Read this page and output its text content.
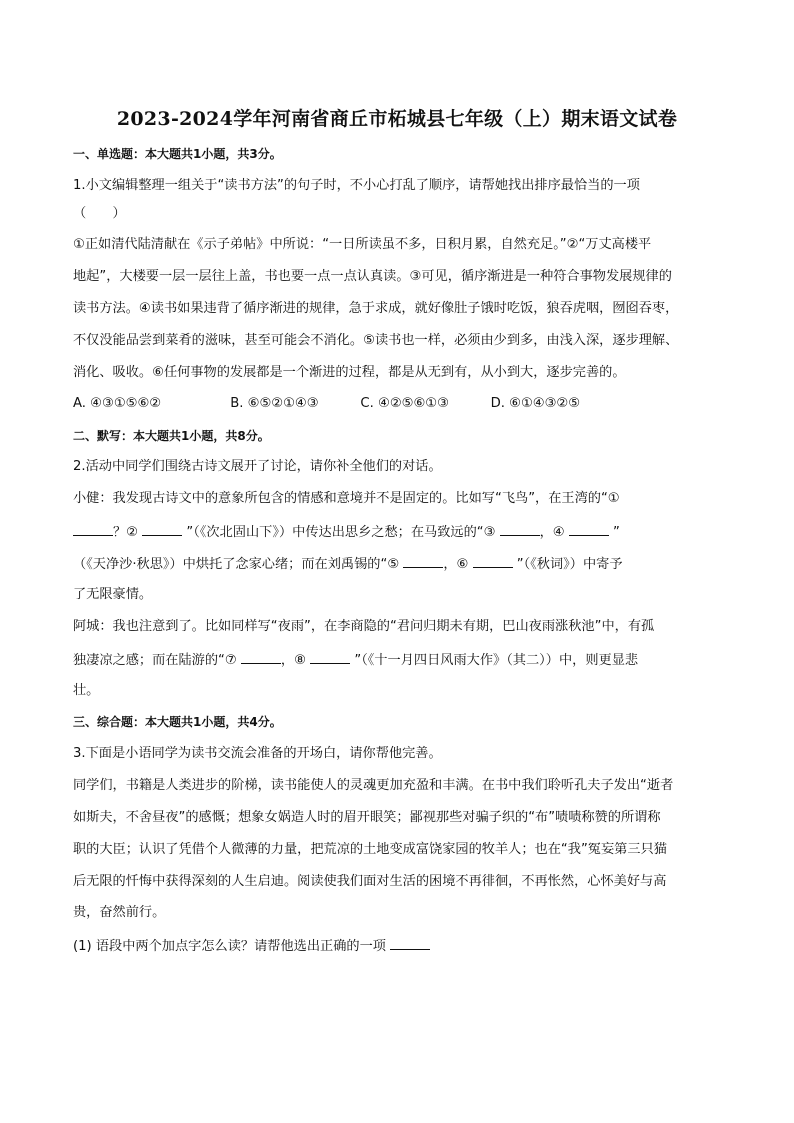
2023-2024学年河南省商丘市柘城县七年级（上）期末语文试卷
一、单选题：本大题共1小题，共3分。
1.小文编辑整理一组关于“读书方法”的句子时，不小心打乱了顺序，请帮她找出排序最恰当的一项
（　　）
①正如清代陆清献在《示子弟帖》中所说：“一日所读虽不多，日积月累，自然充足。”②“万丈高楼平
地起”，大楼要一层一层往上盖，书也要一点一点认真读。③可见，循序渐进是一种符合事物发展规律的
读书方法。④读书如果违背了循序渐进的规律，急于求成，就好像肚子饿时吃饭，狼吞虎咽，囫囵吞枣，
不仅没能品尝到菜肴的滋味，甚至可能会不消化。⑤读书也一样，必须由少到多，由浅入深，逐步理解、
消化、吸收。⑥任何事物的发展都是一个渐进的过程，都是从无到有，从小到大，逐步完善的。
A. ④③①⑤⑥②	B. ⑥⑤②①④③	C. ④②⑤⑥①③	D. ⑥①④③②⑤
二、默写：本大题共1小题，共8分。
2.活动中同学们围绕古诗文展开了讨论，请你补全他们的对话。
小健：我发现古诗文中的意象所包含的情感和意境并不是固定的。比如写“飞鸟”，在王湾的“①
？②	”（《次北固山下》）中传达出思乡之愁；在马致远的“③	，④	”
（《天净沙·秋思》）中烘托了念家心绪；而在刘禹锡的“⑤	，⑥	”（《秋词》）中寄予
了无限豪情。
阿城：我也注意到了。比如同样写“夜雨”，在李商隐的“君问归期未有期，巴山夜雨涨秋池”中，有孤
独凄凉之感；而在陆游的“⑦	，⑧	”（《十一月四日风雨大作》（其二））中，则更显悲
壮。
三、综合题：本大题共1小题，共4分。
3.下面是小语同学为读书交流会准备的开场白，请你帮他完善。
同学们，书籍是人类进步的阶梯，读书能使人的灵魂更加充盈和丰满。在书中我们聆听孔夫子发出“逝者
如斯夫，不舍昼夜”的感慨；想象女娲造人时的眉开眼笑；鄙视那些对骗子织的“布”啧啧称赞的所谓称
职的大臣；认识了凭借个人微薄的力量，把荒凉的土地变成富饶家园的牧羊人；也在“我”冤妄第三只猫
后无限的忏悔中获得深刻的人生启迪。阅读使我们面对生活的困境不再徘徊，不再怅然，心怀美好与高
贵，奋然前行。
(1) 语段中两个加点字怎么读？请帮他选出正确的一项
